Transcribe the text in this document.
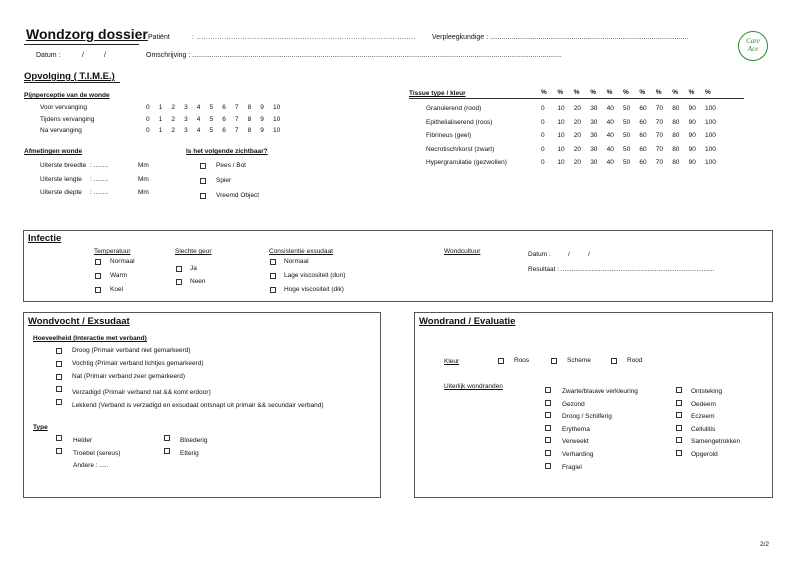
Wondzorg dossier Patiënt	: ............................................................................................... Verpleegkundige : ......................................................................................................
Datum :	/	/	Omschrijving : ..............................................................................................................................................................................................
Care
Ace
Opvolging ( T.I.M.E.)
Pijnperceptie van de wonde
Voor vervanging	0 1 2 3 4 5 6 7 8 9 10
Tijdens vervanging	0 1 2 3 4 5 6 7 8 9 10
Na vervanging	0 1 2 3 4 5 6 7 8 9 10
Afmetingen wonde
Uiterste breedte : ........	Mm
Uiterste lengte : ........	Mm
Uiterste diepte : ........	Mm
Is het volgende zichtbaar?
Pees / Bot
Spier
Vreemd Object
Tissue type / kleur	% % % % % % % % % % %
Granulerend (rood)	0 10 20 30 40 50 60 70 80 90 100
Epithelialiserend (roos)	0 10 20 30 40 50 60 70 80 90 100
Fibrineus (geel)	0 10 20 30 40 50 60 70 80 90 100
Necrotisch/korst (zwart)	0 10 20 30 40 50 60 70 80 90 100
Hypergranulatie (gezwollen)	0 10 20 30 40 50 60 70 80 90 100
Infectie
Temperatuur
Normaal
Warm
Koel
Slechte geur
Ja
Neen
Consistentie exsudaat
Normaal
Lage viscositeit (dun)
Hoge viscositeit (dik)
Wondcultuur	Datum :	/	/
Resultaat : .....................................................................................
Wondvocht / Exsudaat
Hoeveelheid (Interactie met verband)
Droog (Primair verband niet gemarkeerd)
Vochtig (Primair verband lichtjes gemarkeerd)
Nat (Primair verband zeer gemarkeerd)
Verzadigd (Primair verband nat && komt erdoor)
Lekkend (Verband is verzadigd en exsudaat ontsnapt uit primair && secundair verband)
Type
Helder
Troebel (sereus)
Bloederig
Etterig
Andere : .....
Wondrand / Evaluatie
Kleur	Roos	Scheme	Rood
Uiterlijk wondranden
Zwarte/blauwe verkleuring
Gezond
Droog / Schilferig
Erythema
Verweekt
Verharding
Fragiel
Ontsteking
Oedeem
Eczeem
Cellulitis
Samengetrokken
Opgerold
2/2
